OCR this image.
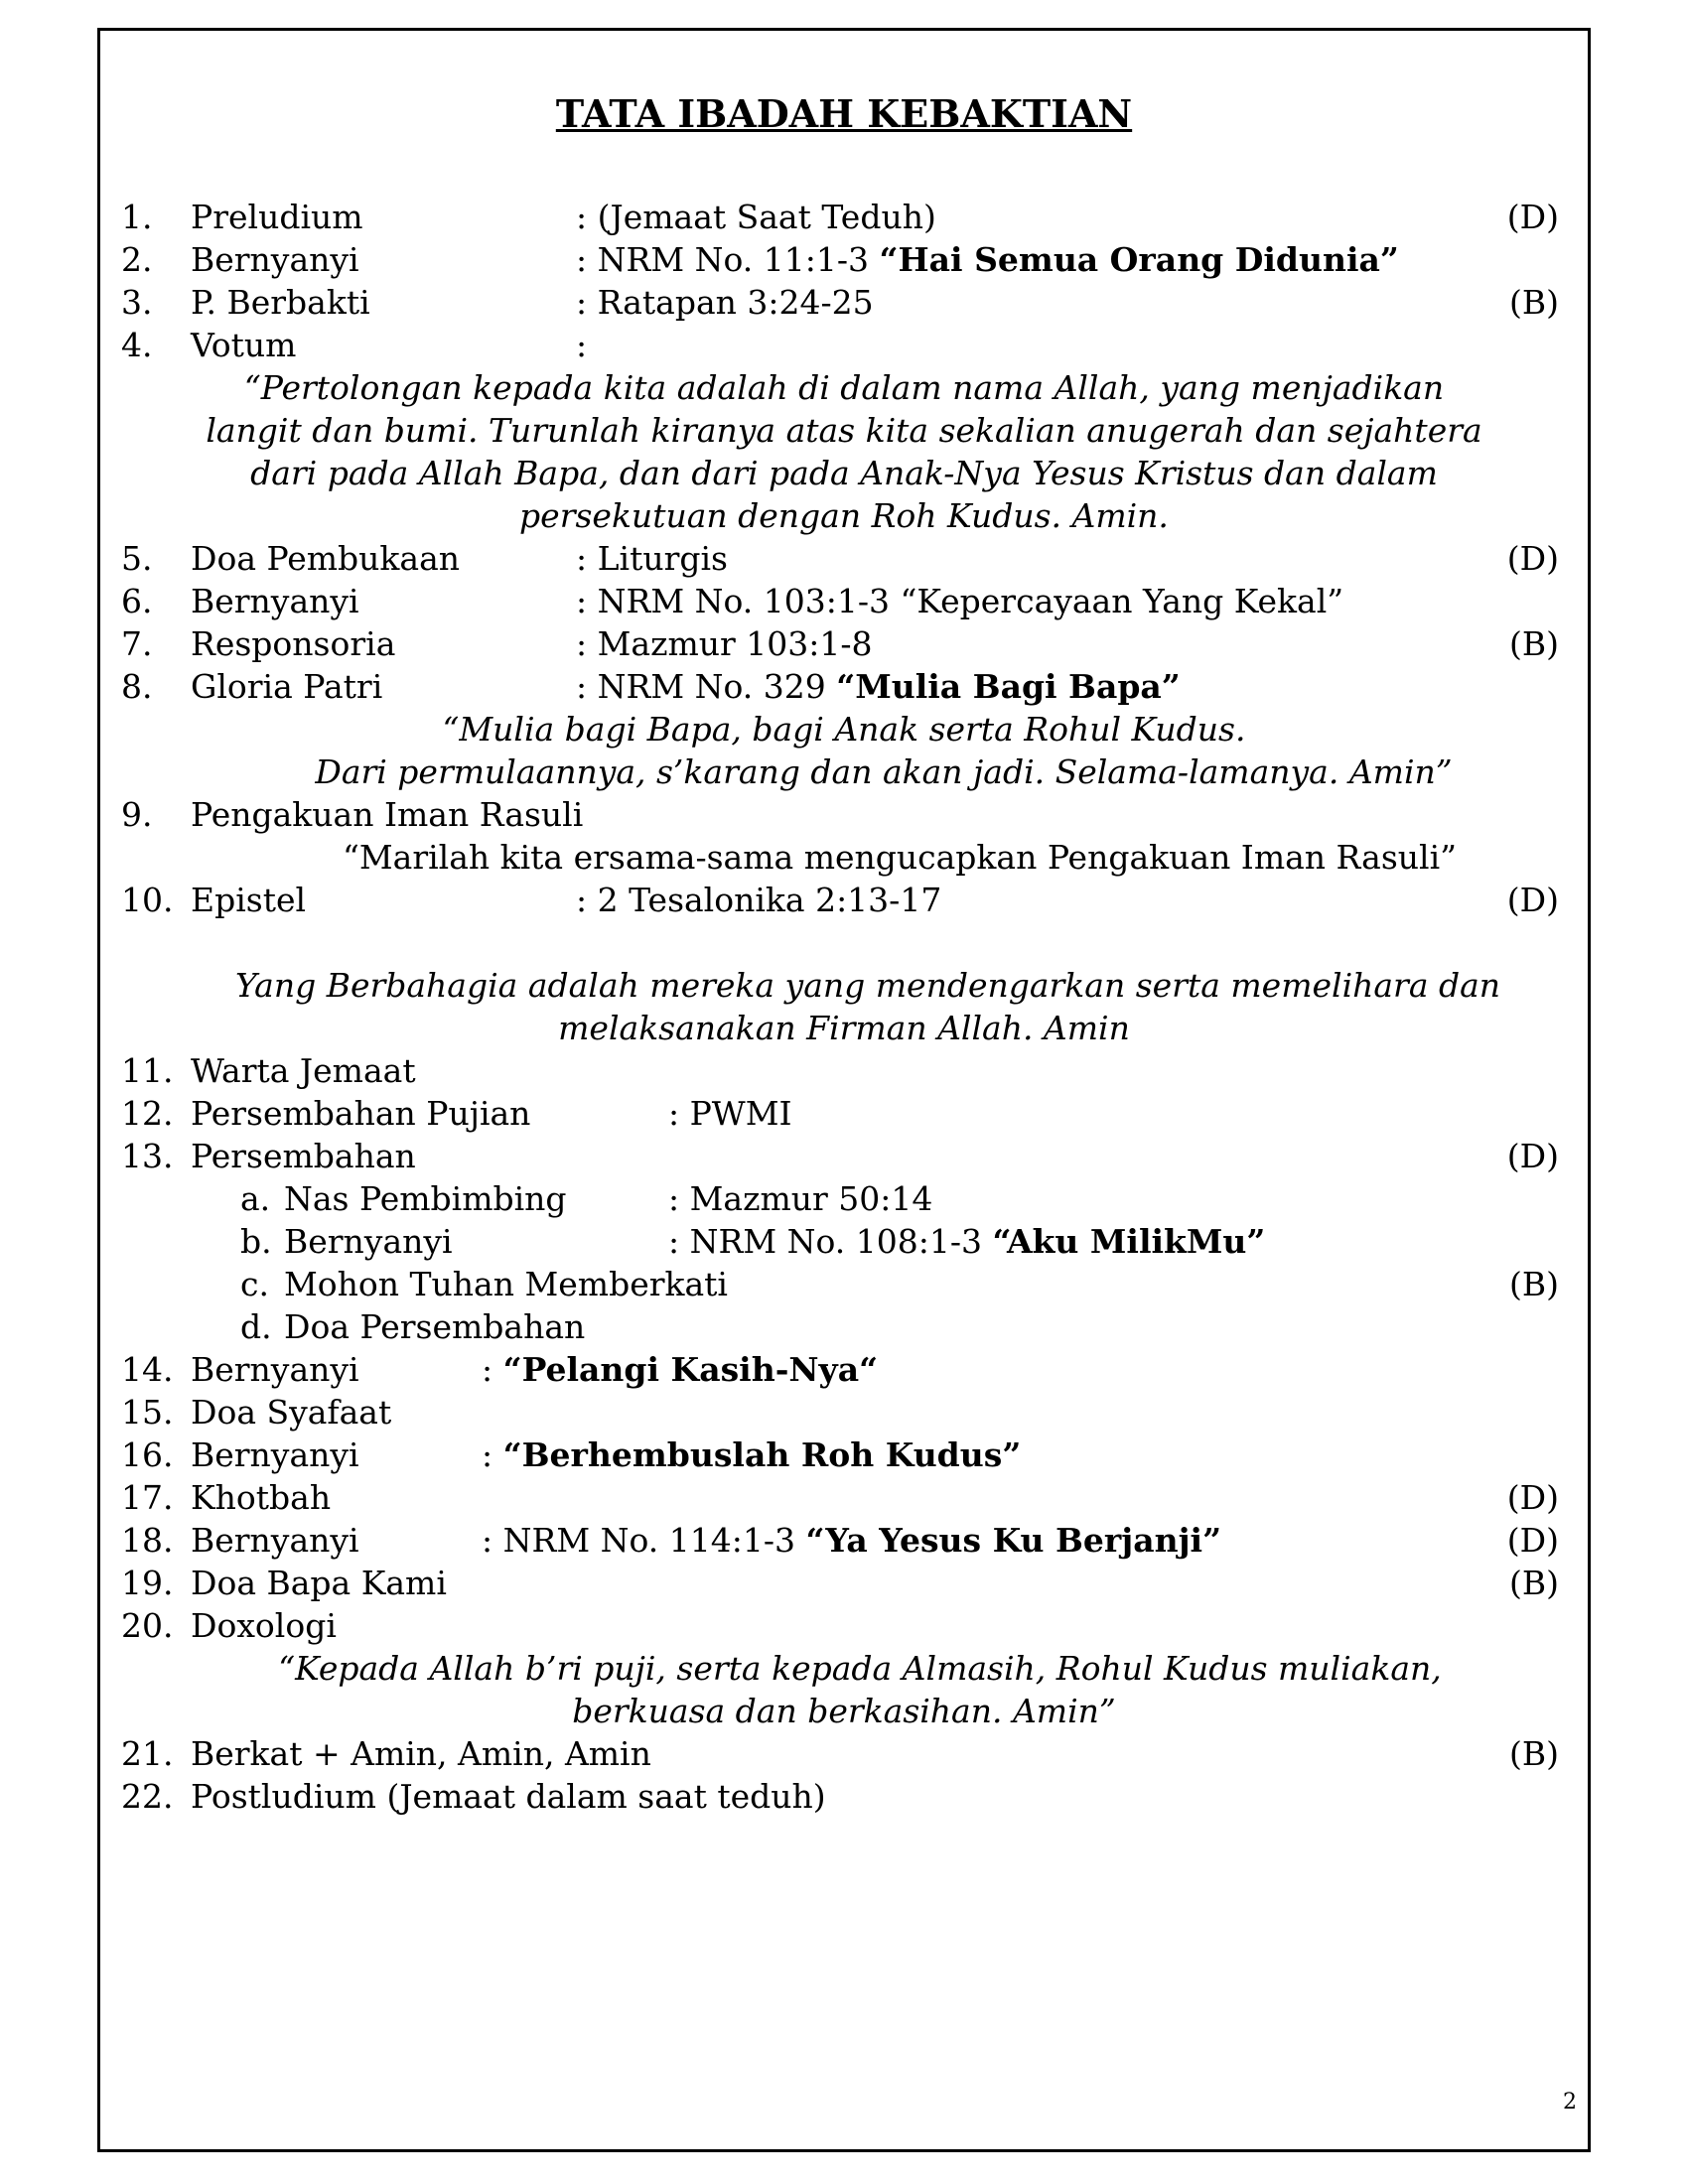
TATA IBADAH KEBAKTIAN
1. Preludium	: (Jemaat Saat Teduh)	(D)
2. Bernyanyi	: NRM No. 11:1-3 “Hai Semua Orang Didunia”
3. P. Berbakti	: Ratapan 3:24-25	(B)
4. Votum	:
“Pertolongan kepada kita adalah di dalam nama Allah, yang menjadikan
langit dan bumi. Turunlah kiranya atas kita sekalian anugerah dan sejahtera
dari pada Allah Bapa, dan dari pada Anak-Nya Yesus Kristus dan dalam
persekutuan dengan Roh Kudus. Amin.
5. Doa Pembukaan	: Liturgis	(D)
6. Bernyanyi	: NRM No. 103:1-3 “Kepercayaan Yang Kekal”
7. Responsoria	: Mazmur 103:1-8	(B)
8. Gloria Patri	: NRM No. 329 “Mulia Bagi Bapa”
“Mulia bagi Bapa, bagi Anak serta Rohul Kudus.
Dari permulaannya, s’karang dan akan jadi. Selama-lamanya. Amin”
9. Pengakuan Iman Rasuli
“Marilah kita ersama-sama mengucapkan Pengakuan Iman Rasuli”
10. Epistel	: 2 Tesalonika 2:13-17	(D)
Yang Berbahagia adalah mereka yang mendengarkan serta memelihara dan
melaksanakan Firman Allah. Amin
11. Warta Jemaat
12. Persembahan Pujian	: PWMI
13. Persembahan	(D)
a. Nas Pembimbing	: Mazmur 50:14
b. Bernyanyi	: NRM No. 108:1-3 “Aku MilikMu”
c. Mohon Tuhan Memberkati	(B)
d. Doa Persembahan
14. Bernyanyi	: “Pelangi Kasih-Nya“
15. Doa Syafaat
16. Bernyanyi	: “Berhembuslah Roh Kudus”
17. Khotbah	(D)
18. Bernyanyi	: NRM No. 114:1-3 “Ya Yesus Ku Berjanji”	(D)
19. Doa Bapa Kami	(B)
20. Doxologi
“Kepada Allah b’ri puji, serta kepada Almasih, Rohul Kudus muliakan,
berkuasa dan berkasihan. Amin”
21. Berkat + Amin, Amin, Amin	(B)
22. Postludium (Jemaat dalam saat teduh)
2
